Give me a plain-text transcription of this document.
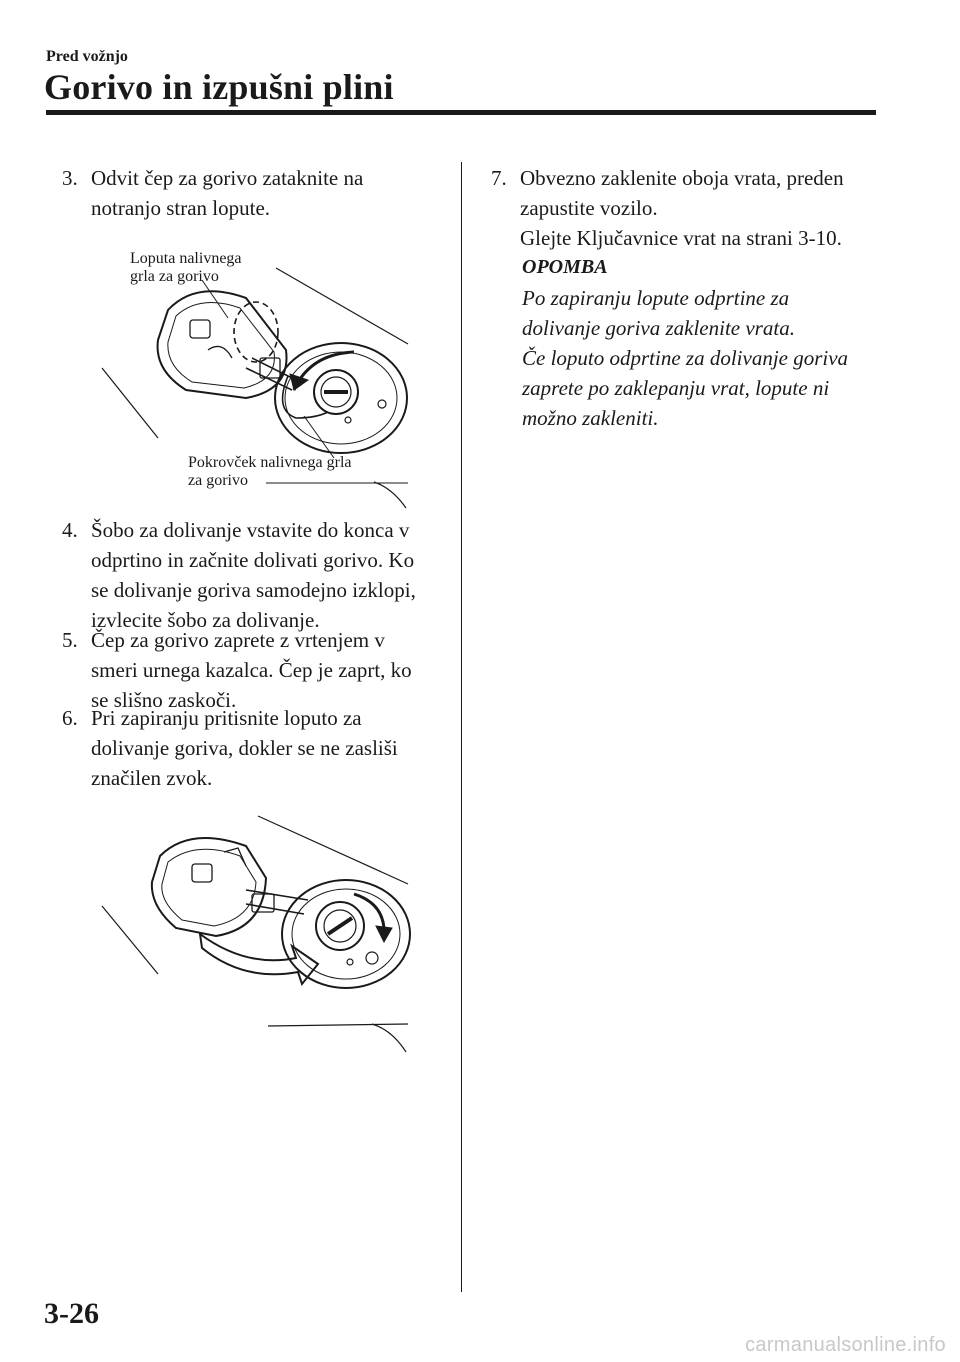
Pred vožnjo

Gorivo in izpušni plini
3. Odvit čep za gorivo zataknite na
notranjo stran lopute.

Loputa nalivnega
grla za gorivo

Pokrovček nalivnega grla
za gorivo

4. Šobo za dolivanje vstavite do konca v
odprtino in začnite dolivati gorivo. Ko
se dolivanje goriva samodejno izklopi,
izvlecite šobo za dolivanje.
5. Čep za gorivo zaprete z vrtenjem v
smeri urnega kazalca. Čep je zaprt, ko
se slišno zaskoči.
6. Pri zapiranju pritisnite loputo za
dolivanje goriva, dokler se ne zasliši
značilen zvok.
7. Obvezno zaklenite oboja vrata, preden
zapustite vozilo.
Glejte Ključavnice vrat na strani 3-10.

OPOMBA

Po zapiranju lopute odprtine za

dolivanje goriva zaklenite vrata.

Če loputo odprtine za dolivanje goriva

zaprete po zaklepanju vrat, lopute ni

možno zakleniti.

3-26

carmanualsonline.info
